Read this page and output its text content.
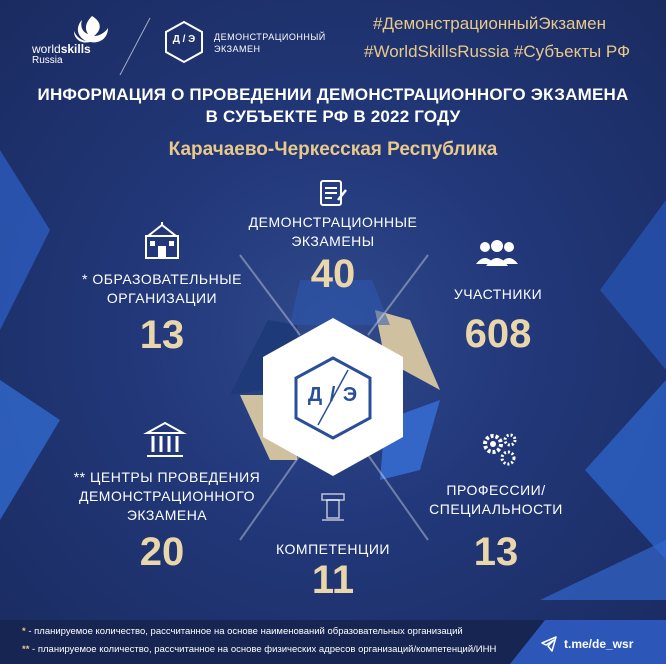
worldskills
Russia
Д / Э	ДЕМОНСТРАЦИОННЫЙ
ЭКЗАМЕН
#ДемонстрационныйЭкзамен
#WorldSkillsRussia #Субъекты РФ
ИНФОРМАЦИЯ О ПРОВЕДЕНИИ ДЕМОНСТРАЦИОННОГО ЭКЗАМЕНА
В СУБЪЕКТЕ РФ В 2022 ГОДУ
Карачаево-Черкесская Республика
Д / Э
ДЕМОНСТРАЦИОННЫЕ
ЭКЗАМЕНЫ
40
* ОБРАЗОВАТЕЛЬНЫЕ
ОРГАНИЗАЦИИ
13
УЧАСТНИКИ
608
** ЦЕНТРЫ ПРОВЕДЕНИЯ
ДЕМОНСТРАЦИОННОГО
ЭКЗАМЕНА
20
ПРОФЕССИИ/
СПЕЦИАЛЬНОСТИ
13
КОМПЕТЕНЦИИ
11
* - планируемое количество, рассчитанное на основе наименований образовательных организаций
** - планируемое количество, рассчитанное на основе физических адресов организаций/компетенций/ИНН	t.me/de_wsr
